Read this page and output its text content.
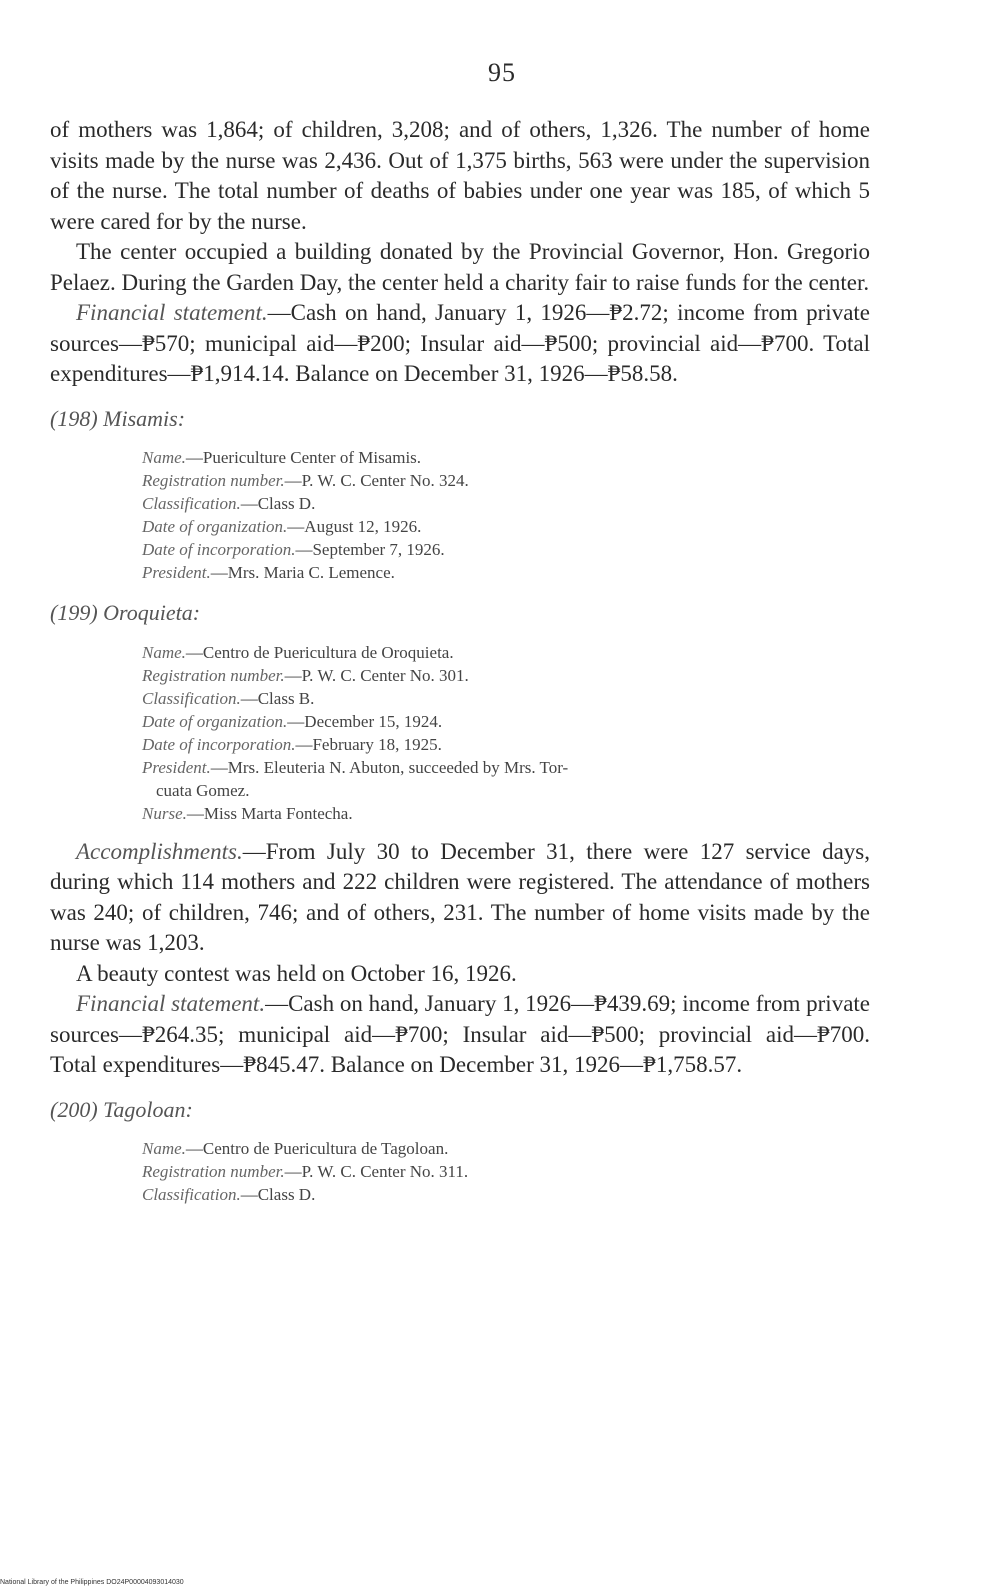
95

of mothers was 1,864; of children, 3,208; and of others, 1,326. The number of home visits made by the nurse was 2,436. Out of 1,375 births, 563 were under the supervision of the nurse. The total number of deaths of babies under one year was 185, of which 5 were cared for by the nurse.

The center occupied a building donated by the Provincial Governor, Hon. Gregorio Pelaez. During the Garden Day, the center held a charity fair to raise funds for the center.

Financial statement.—Cash on hand, January 1, 1926—₱2.72; income from private sources—₱570; municipal aid—₱200; Insular aid—₱500; provincial aid—₱700. Total expenditures—₱1,914.14. Balance on December 31, 1926—₱58.58.

(198) Misamis:
Name.—Puericulture Center of Misamis.
Registration number.—P. W. C. Center No. 324.
Classification.—Class D.
Date of organization.—August 12, 1926.
Date of incorporation.—September 7, 1926.
President.—Mrs. Maria C. Lemence.
(199) Oroquieta:
Name.—Centro de Puericultura de Oroquieta.
Registration number.—P. W. C. Center No. 301.
Classification.—Class B.
Date of organization.—December 15, 1924.
Date of incorporation.—February 18, 1925.
President.—Mrs. Eleuteria N. Abuton, succeeded by Mrs. Tor-
cuata Gomez.
Nurse.—Miss Marta Fontecha.

Accomplishments.—From July 30 to December 31, there were 127 service days, during which 114 mothers and 222 children were registered. The attendance of mothers was 240; of children, 746; and of others, 231. The number of home visits made by the nurse was 1,203.

A beauty contest was held on October 16, 1926.

Financial statement.—Cash on hand, January 1, 1926—₱439.69; income from private sources—₱264.35; municipal aid—₱700; Insular aid—₱500; provincial aid—₱700. Total expenditures—₱845.47. Balance on December 31, 1926—₱1,758.57.

(200) Tagoloan:
Name.—Centro de Puericultura de Tagoloan.
Registration number.—P. W. C. Center No. 311.
Classification.—Class D.
National Library of the Philippines DO24P00004093014030
